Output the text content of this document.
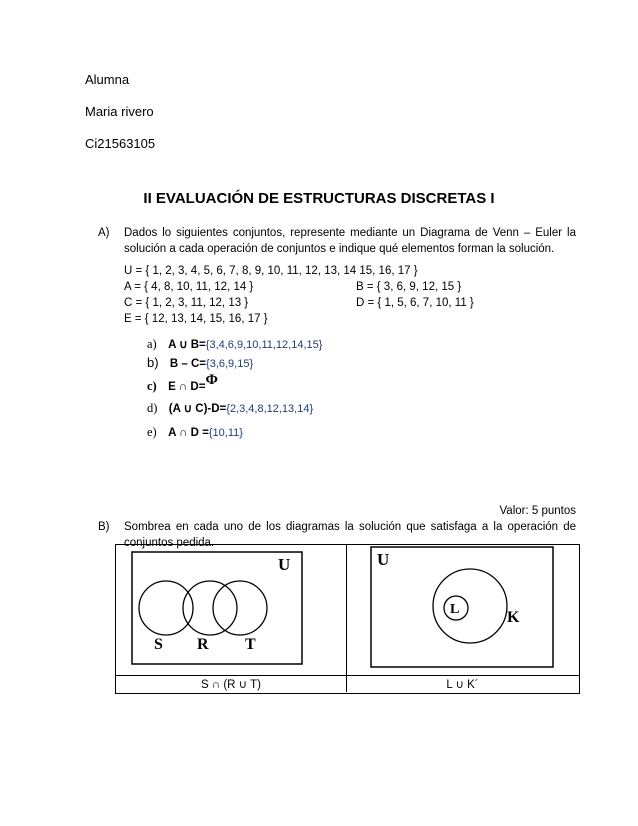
Alumna
Maria rivero
Ci21563105
II EVALUACIÓN DE ESTRUCTURAS DISCRETAS I
A) Dados lo siguientes conjuntos, represente mediante un Diagrama de Venn – Euler la
solución a cada operación de conjuntos e indique qué elementos forman la solución.
U = { 1, 2, 3, 4, 5, 6, 7, 8, 9, 10, 11, 12, 13, 14 15, 16, 17 }
A = { 4, 8, 10, 11, 12, 14 }	B = { 3, 6, 9, 12, 15 }
C = { 1, 2, 3, 11, 12, 13 }	D = { 1, 5, 6, 7, 10, 11 }
E = { 12, 13, 14, 15, 16, 17 }
a) A ∪ B={3,4,6,9,10,11,12,14,15}
b) B – C={3,6,9,15}
c) E ∩ D=Φ
d) (A ∪ C)-D={2,3,4,8,12,13,14}
e) A ∩ D ={10,11}
Valor: 5 puntos
B) Sombrea en cada uno de los diagramas la solución que satisfaga a la operación de
conjuntos pedida.
U
S R T
U
L	K
S ∩ (R ∪ T)	L ∪ K´
